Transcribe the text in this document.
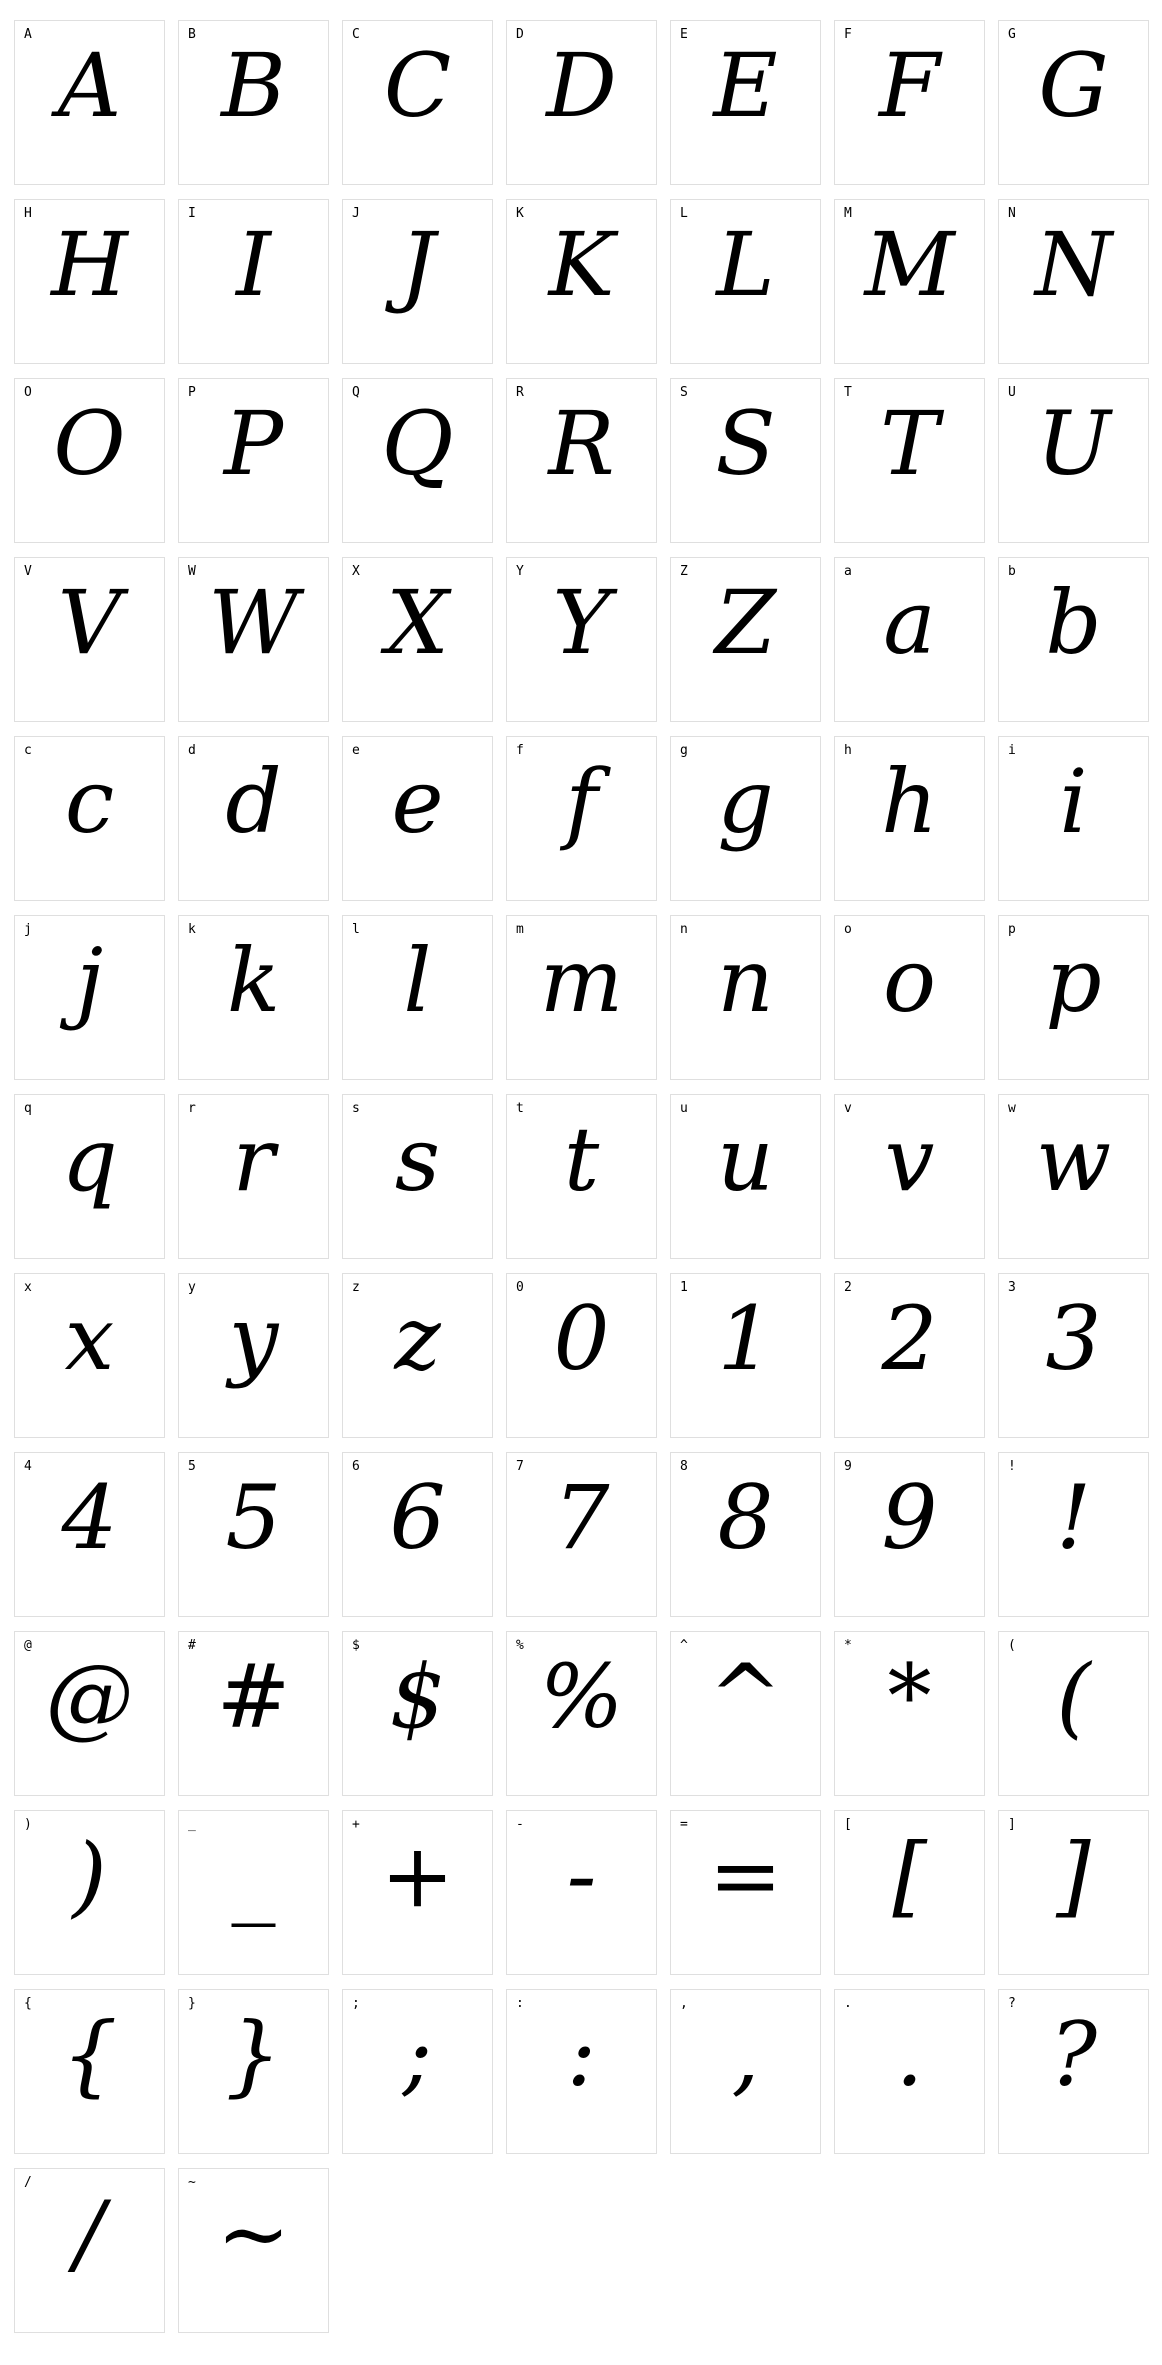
A A	B B	C C	D D	E E	F F	G G
H H	I I	J J	K K	L L	M M	N N
O O	P P	Q Q	R R	S S	T T	U U
V V	W W	X X	Y Y	Z Z	a a	b b
c c	d d	e e	f f	g g	h h	i i
j j	k k	l l	m m	n n	o o	p p
q q	r r	s s	t t	u u	v v	w w
x x	y y	z z	0 0	1 1	2 2	3 3
4 4	5 5	6 6	7 7	8 8	9 9	! !
@ @	# #	$ $	% %	^ ^	* *	( (
) )	_ _	+ +	- -	= =	[ [	] ]
{ {	} }	; ;	: :	, ,	. .	? ?
/ /	~ ~
